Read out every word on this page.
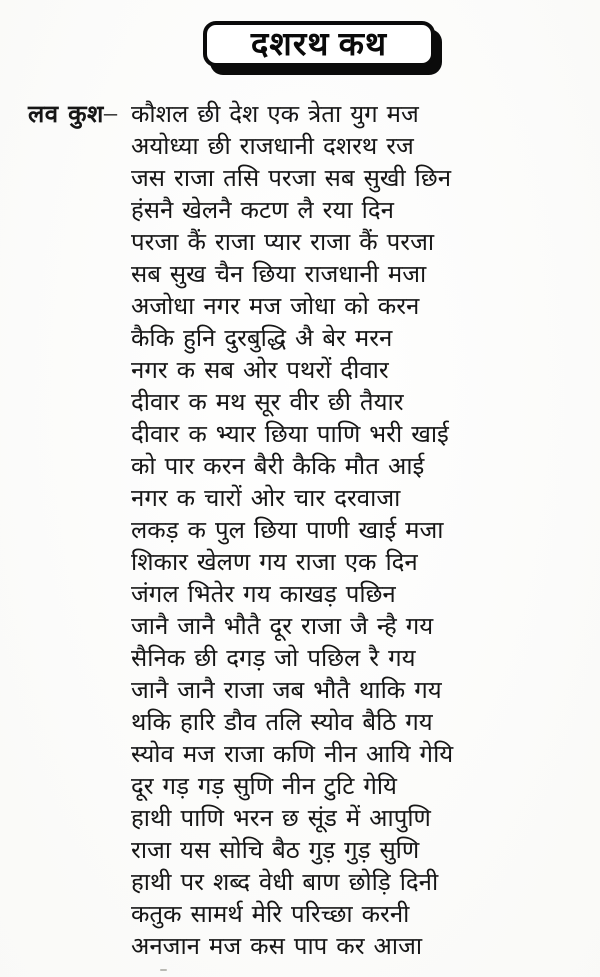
दशरथ कथ
लव कुश – कौशल छी देश एक त्रेता युग मज
अयोध्या छी राजधानी दशरथ रज
जस राजा तसि परजा सब सुखी छिन
हंसनै खेलनै कटण लै रया दिन
परजा कैं राजा प्यार राजा कैं परजा
सब सुख चैन छिया राजधानी मजा
अजोधा नगर मज जोधा को करन
कैकि हुनि दुरबुद्धि अै बेर मरन
नगर क सब ओर पथरों दीवार
दीवार क मथ सूर वीर छी तैयार
दीवार क भ्यार छिया पाणि भरी खाई
को पार करन बैरी कैकि मौत आई
नगर क चारों ओर चार दरवाजा
लकड़ क पुल छिया पाणी खाई मजा
शिकार खेलण गय राजा एक दिन
जंगल भितेर गय काखड़ पछिन
जानै जानै भौतै दूर राजा जै न्है गय
सैनिक छी दगड़ जो पछिल रै गय
जानै जानै राजा जब भौतै थाकि गय
थकि हारि डौव तलि स्योव बैठि गय
स्योव मज राजा कणि नीन आयि गेयि
दूर गड़ गड़ सुणि नीन टुटि गेयि
हाथी पाणि भरन छ सूंड में आपुणि
राजा यस सोचि बैठ गुड़ गुड़ सुणि
हाथी पर शब्द वेधी बाण छोड़ि दिनी
कतुक सामर्थ मेरि परिच्छा करनी
अनजान मज कस पाप कर आजा
